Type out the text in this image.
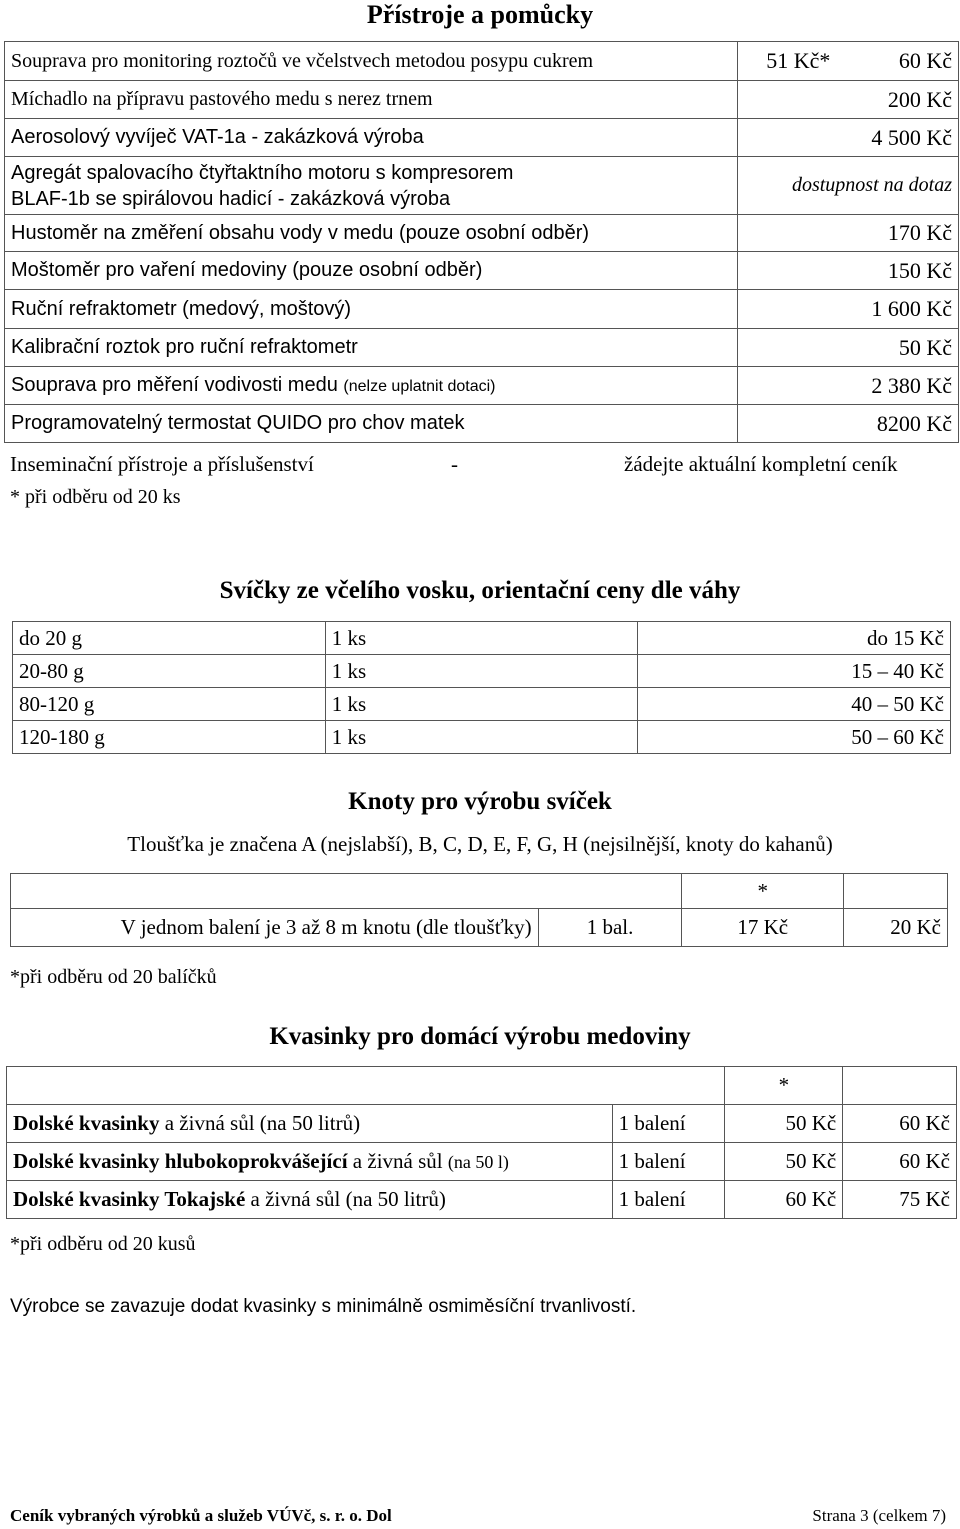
Přístroje a pomůcky
Souprava pro monitoring roztočů ve včelstvech metodou posypu cukrem	51 Kč* 60 Kč

Míchadlo na přípravu pastového medu s nerez trnem	200 Kč
Aerosolový vyvíječ VAT-1a - zakázková výroba	4 500 Kč

Agregát spalovacího čtyřtaktního motoru s kompresorem
BLAF-1b se spirálovou hadicí - zakázková výroba	dostupnost na dotaz
Hustoměr na změření obsahu vody v medu (pouze osobní odběr)	170 Kč
Moštoměr pro vaření medoviny (pouze osobní odběr)	150 Kč
Ruční refraktometr (medový, moštový)	1 600 Kč
Kalibrační roztok pro ruční refraktometr	50 Kč
Souprava pro měření vodivosti medu (nelze uplatnit dotaci)	2 380 Kč
Programovatelný termostat QUIDO pro chov matek	8200 Kč
Inseminační přístroje a příslušenství	-	žádejte aktuální kompletní ceník
* při odběru od 20 ks
Svíčky ze včelího vosku, orientační ceny dle váhy
do 20 g	1 ks	do 15 Kč
20-80 g	1 ks	15 – 40 Kč
80-120 g	1 ks	40 – 50 Kč
120-180 g	1 ks	50 – 60 Kč
Knoty pro výrobu svíček
Tloušťka je značena A (nejslabší), B, C, D, E, F, G, H (nejsilnější, knoty do kahanů)
		*	
V jednom balení je 3 až 8 m knotu (dle tloušťky)	1 bal.	17 Kč	20 Kč
*při odběru od 20 balíčků
Kvasinky pro domácí výrobu medoviny
		*	
Dolské kvasinky a živná sůl (na 50 litrů)	1 balení	50 Kč	60 Kč
Dolské kvasinky hlubokoprokvášející a živná sůl (na 50 l)	1 balení	50 Kč	60 Kč
Dolské kvasinky Tokajské a živná sůl (na 50 litrů)	1 balení	60 Kč	75 Kč
*při odběru od 20 kusů
Výrobce se zavazuje dodat kvasinky s minimálně osmiměsíční trvanlivostí.
Ceník vybraných výrobků a služeb VÚVč, s. r. o. Dol	Strana 3 (celkem 7)
